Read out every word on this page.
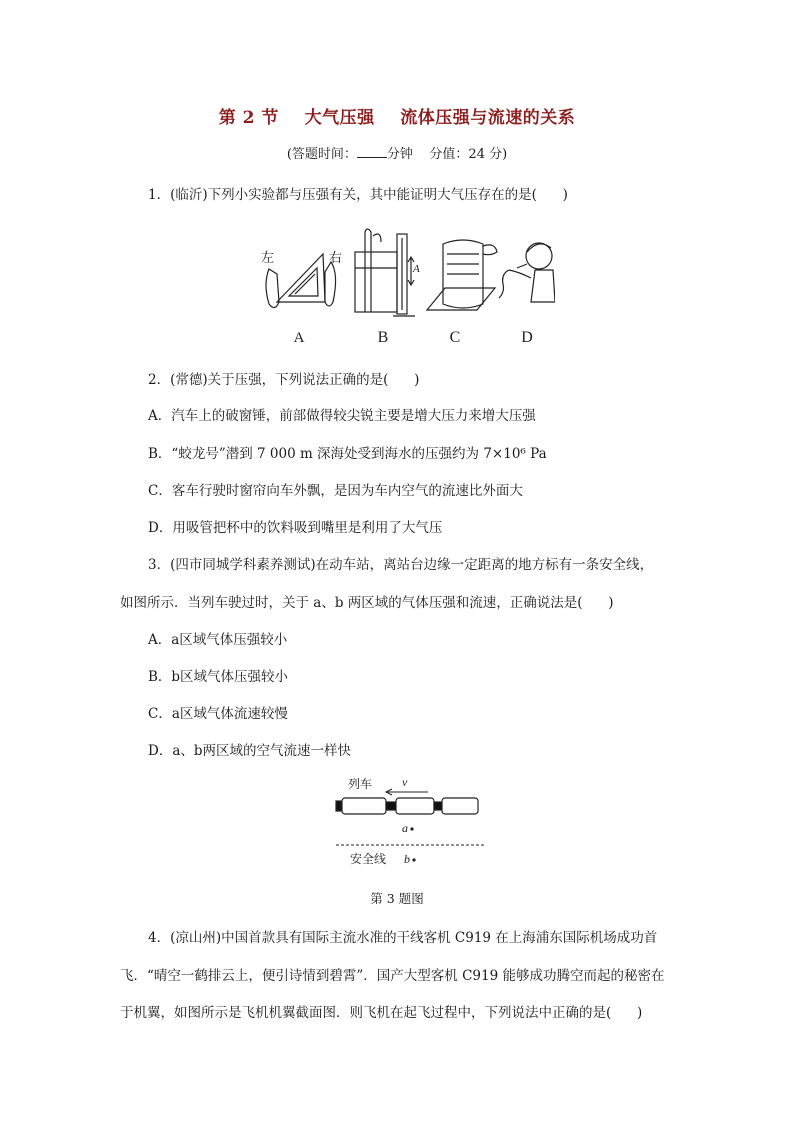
第 2 节    大气压强    流体压强与流速的关系
(答题时间： 分钟    分值：24 分)
1．(临沂)下列小实验都与压强有关，其中能证明大气压存在的是(      )
左	右
A
A	B	C	D
2．(常德)关于压强，下列说法正确的是(      )
A．汽车上的破窗锤，前部做得较尖锐主要是增大压力来增大压强
B．“蛟龙号”潜到 7 000 m 深海处受到海水的压强约为 7×10⁶ Pa
C．客车行驶时窗帘向车外飘，是因为车内空气的流速比外面大
D．用吸管把杯中的饮料吸到嘴里是利用了大气压
3．(四市同城学科素养测试)在动车站，离站台边缘一定距离的地方标有一条安全线，
如图所示．当列车驶过时，关于 a、b 两区域的气体压强和流速，正确说法是(      )
A．a区域气体压强较小
B．b区域气体压强较小
C．a区域气体流速较慢
D．a、b两区域的空气流速一样快
列车 v
a
安全线 b
第 3 题图
4．(凉山州)中国首款具有国际主流水准的干线客机 C919 在上海浦东国际机场成功首
飞．“晴空一鹤排云上，便引诗情到碧霄”．国产大型客机 C919 能够成功腾空而起的秘密在
于机翼，如图所示是飞机机翼截面图．则飞机在起飞过程中，下列说法中正确的是(      )
